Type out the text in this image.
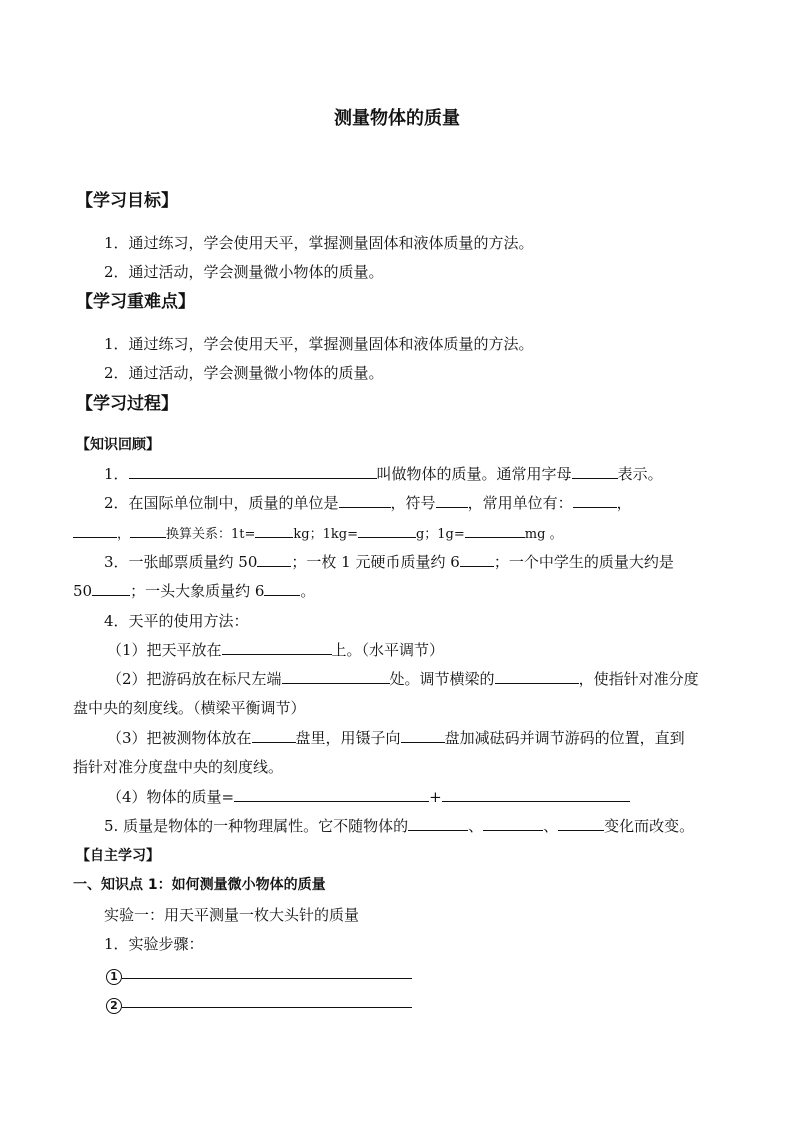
测量物体的质量
【学习目标】
1．通过练习，学会使用天平，掌握测量固体和液体质量的方法。
2．通过活动，学会测量微小物体的质量。
【学习重难点】
1．通过练习，学会使用天平，掌握测量固体和液体质量的方法。
2．通过活动，学会测量微小物体的质量。
【学习过程】
【知识回顾】
1．	叫做物体的质量。通常用字母	表示。
2．在国际单位制中，质量的单位是	，符号 ，常用单位有：	，
，	换算关系：1t=	kg；1kg=	g；1g=	mg 。
3．一张邮票质量约 50 ；一枚 1 元硬币质量约 6 ；一个中学生的质量大约是
50	；一头大象质量约 6 。
4．天平的使用方法：
（1）把天平放在	上。（水平调节）
（2）把游码放在标尺左端	处。调节横梁的	，使指针对准分度
盘中央的刻度线。（横梁平衡调节）
（3）把被测物体放在	盘里，用镊子向	盘加减砝码并调节游码的位置，直到
指针对准分度盘中央的刻度线。
（4）物体的质量=	+
5. 质量是物体的一种物理属性。它不随物体的	、	、	变化而改变。
【自主学习】
一、知识点 1：如何测量微小物体的质量
实验一：用天平测量一枚大头针的质量
1．实验步骤：
1
2
